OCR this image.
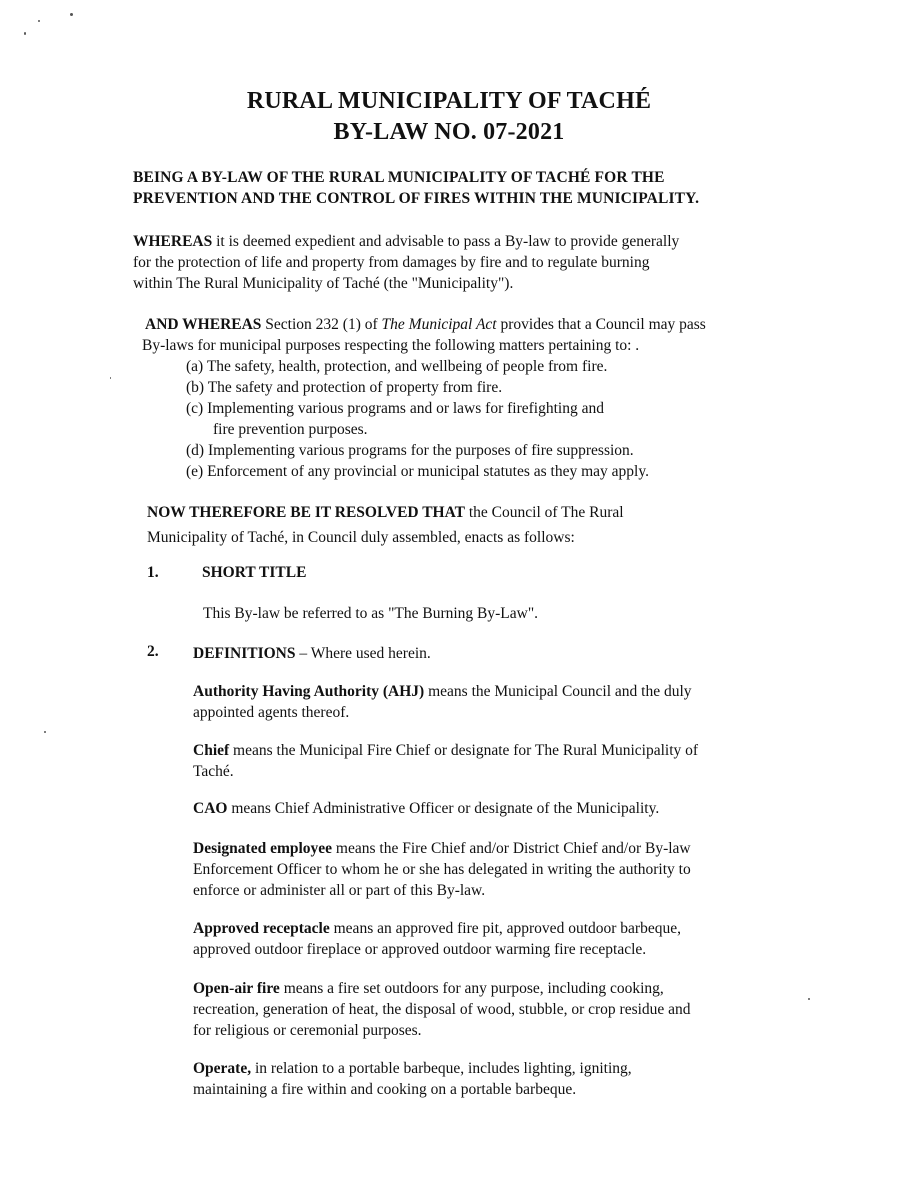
RURAL MUNICIPALITY OF TACHÉ
BY-LAW NO. 07-2021
BEING A BY-LAW OF THE RURAL MUNICIPALITY OF TACHÉ FOR THE
PREVENTION AND THE CONTROL OF FIRES WITHIN THE MUNICIPALITY.
WHEREAS it is deemed expedient and advisable to pass a By-law to provide generally
for the protection of life and property from damages by fire and to regulate burning
within The Rural Municipality of Taché (the "Municipality").
AND WHEREAS Section 232 (1) of The Municipal Act provides that a Council may pass
By-laws for municipal purposes respecting the following matters pertaining to: .
(a) The safety, health, protection, and wellbeing of people from fire.
(b) The safety and protection of property from fire.
(c) Implementing various programs and or laws for firefighting and
fire prevention purposes.
(d) Implementing various programs for the purposes of fire suppression.
(e) Enforcement of any provincial or municipal statutes as they may apply.
NOW THEREFORE BE IT RESOLVED THAT the Council of The Rural
Municipality of Taché, in Council duly assembled, enacts as follows:
1.	SHORT TITLE
This By-law be referred to as "The Burning By-Law".
2. DEFINITIONS – Where used herein.
Authority Having Authority (AHJ) means the Municipal Council and the duly
appointed agents thereof.
Chief means the Municipal Fire Chief or designate for The Rural Municipality of
Taché.
CAO means Chief Administrative Officer or designate of the Municipality.
Designated employee means the Fire Chief and/or District Chief and/or By-law
Enforcement Officer to whom he or she has delegated in writing the authority to
enforce or administer all or part of this By-law.
Approved receptacle means an approved fire pit, approved outdoor barbeque,
approved outdoor fireplace or approved outdoor warming fire receptacle.
Open-air fire means a fire set outdoors for any purpose, including cooking,
recreation, generation of heat, the disposal of wood, stubble, or crop residue and
for religious or ceremonial purposes.
Operate, in relation to a portable barbeque, includes lighting, igniting,
maintaining a fire within and cooking on a portable barbeque.
